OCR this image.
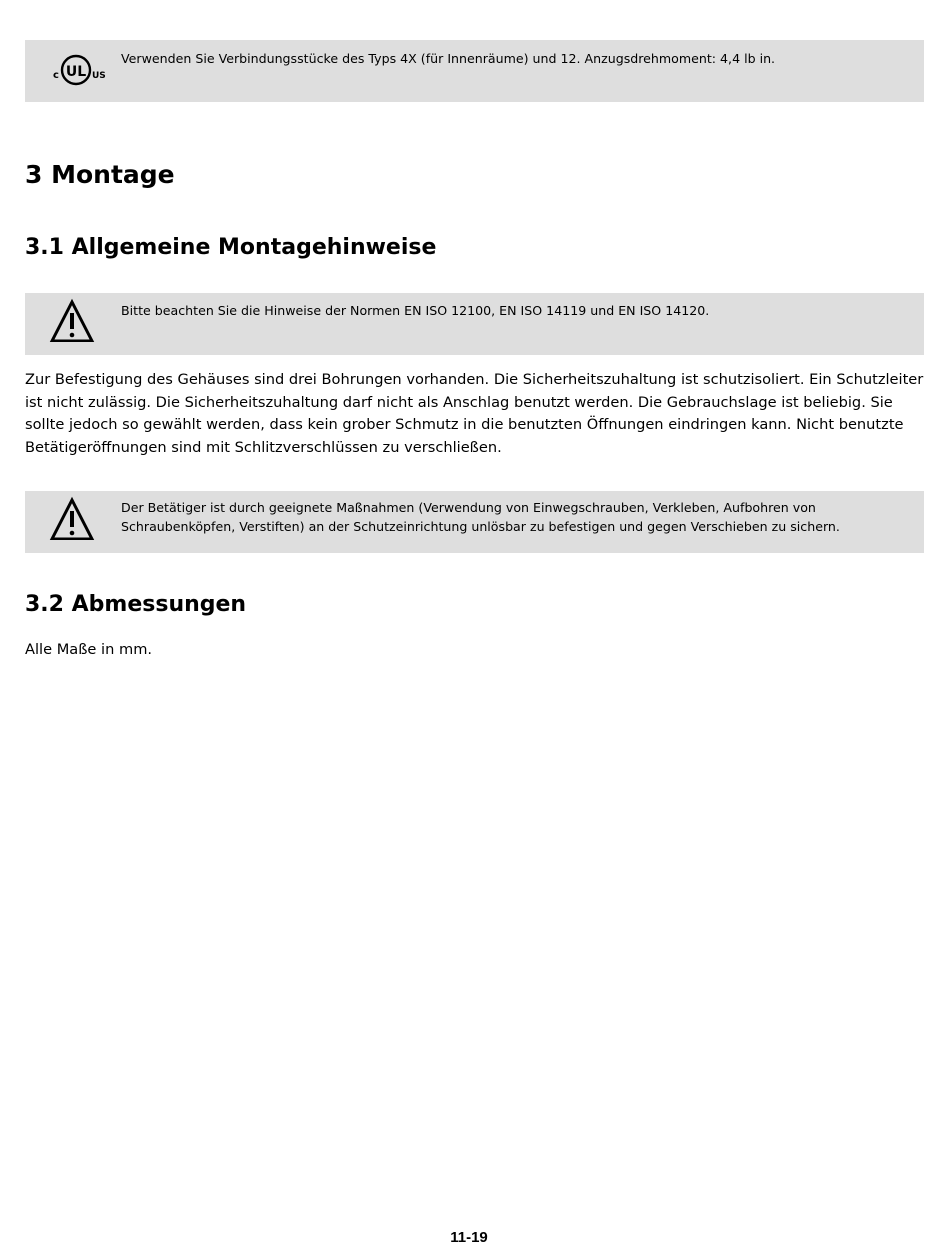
c UL US
Verwenden Sie Verbindungsstücke des Typs 4X (für Innenräume) und 12. Anzugsdrehmoment: 4,4 lb in.
3 Montage
3.1 Allgemeine Montagehinweise
Bitte beachten Sie die Hinweise der Normen EN ISO 12100, EN ISO 14119 und EN ISO 14120.

Zur Befestigung des Gehäuses sind drei Bohrungen vorhanden. Die Sicherheitszuhaltung ist schutzisoliert. Ein Schutzleiter ist nicht zulässig. Die Sicherheitszuhaltung darf nicht als Anschlag benutzt werden. Die Gebrauchslage ist beliebig. Sie sollte jedoch so gewählt werden, dass kein grober Schmutz in die benutzten Öffnungen eindringen kann. Nicht benutzte Betätigeröffnungen sind mit Schlitzverschlüssen zu verschließen.

Der Betätiger ist durch geeignete Maßnahmen (Verwendung von Einwegschrauben, Verkleben, Aufbohren von Schraubenköpfen, Verstiften) an der Schutzeinrichtung unlösbar zu befestigen und gegen Verschieben zu sichern.
3.2 Abmessungen

Alle Maße in mm.

11-19
